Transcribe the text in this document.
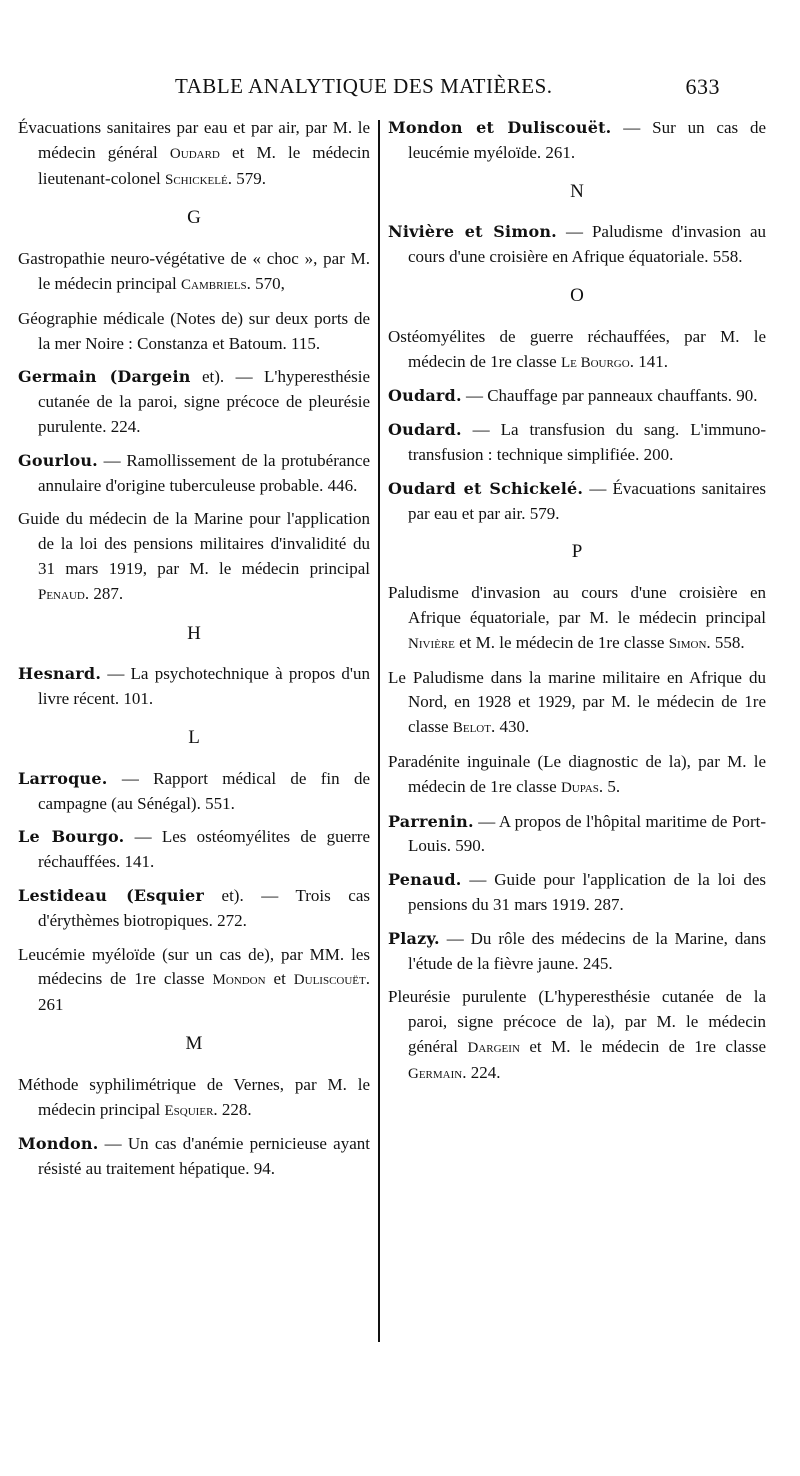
TABLE ANALYTIQUE DES MATIÈRES.	633

Évacuations sanitaires par eau et par air, par M. le médecin général Oudard et M. le médecin lieutenant-colonel Schickelé. 579.

G

Gastropathie neuro-végétative de « choc », par M. le médecin principal Cambriels. 570,

Géographie médicale (Notes de) sur deux ports de la mer Noire : Constanza et Batoum. 115.

Germain (Dargein et). — L'hyperesthésie cutanée de la paroi, signe précoce de pleurésie purulente. 224.

Gourlou. — Ramollissement de la protubérance annulaire d'origine tuberculeuse probable. 446.

Guide du médecin de la Marine pour l'application de la loi des pensions militaires d'invalidité du 31 mars 1919, par M. le médecin principal Penaud. 287.

H

Hesnard. — La psychotechnique à propos d'un livre récent. 101.

L

Larroque. — Rapport médical de fin de campagne (au Sénégal). 551.

Le Bourgo. — Les ostéomyélites de guerre réchauffées. 141.

Lestideau (Esquier et). — Trois cas d'érythèmes biotropiques. 272.

Leucémie myéloïde (sur un cas de), par MM. les médecins de 1re classe Mondon et Duliscouët. 261

M

Méthode syphilimétrique de Vernes, par M. le médecin principal Esquier. 228.

Mondon. — Un cas d'anémie pernicieuse ayant résisté au traitement hépatique. 94.

Mondon et Duliscouët. — Sur un cas de leucémie myéloïde. 261.

N

Nivière et Simon. — Paludisme d'invasion au cours d'une croisière en Afrique équatoriale. 558.

O

Ostéomyélites de guerre réchauffées, par M. le médecin de 1re classe Le Bourgo. 141.

Oudard. — Chauffage par panneaux chauffants. 90.

Oudard. — La transfusion du sang. L'immuno-transfusion : technique simplifiée. 200.

Oudard et Schickelé. — Évacuations sanitaires par eau et par air. 579.

P

Paludisme d'invasion au cours d'une croisière en Afrique équatoriale, par M. le médecin principal Nivière et M. le médecin de 1re classe Simon. 558.

Le Paludisme dans la marine militaire en Afrique du Nord, en 1928 et 1929, par M. le médecin de 1re classe Belot. 430.

Paradénite inguinale (Le diagnostic de la), par M. le médecin de 1re classe Dupas. 5.

Parrenin. — A propos de l'hôpital maritime de Port-Louis. 590.

Penaud. — Guide pour l'application de la loi des pensions du 31 mars 1919. 287.

Plazy. — Du rôle des médecins de la Marine, dans l'étude de la fièvre jaune. 245.

Pleurésie purulente (L'hyperesthésie cutanée de la paroi, signe précoce de la), par M. le médecin général Dargein et M. le médecin de 1re classe Germain. 224.
